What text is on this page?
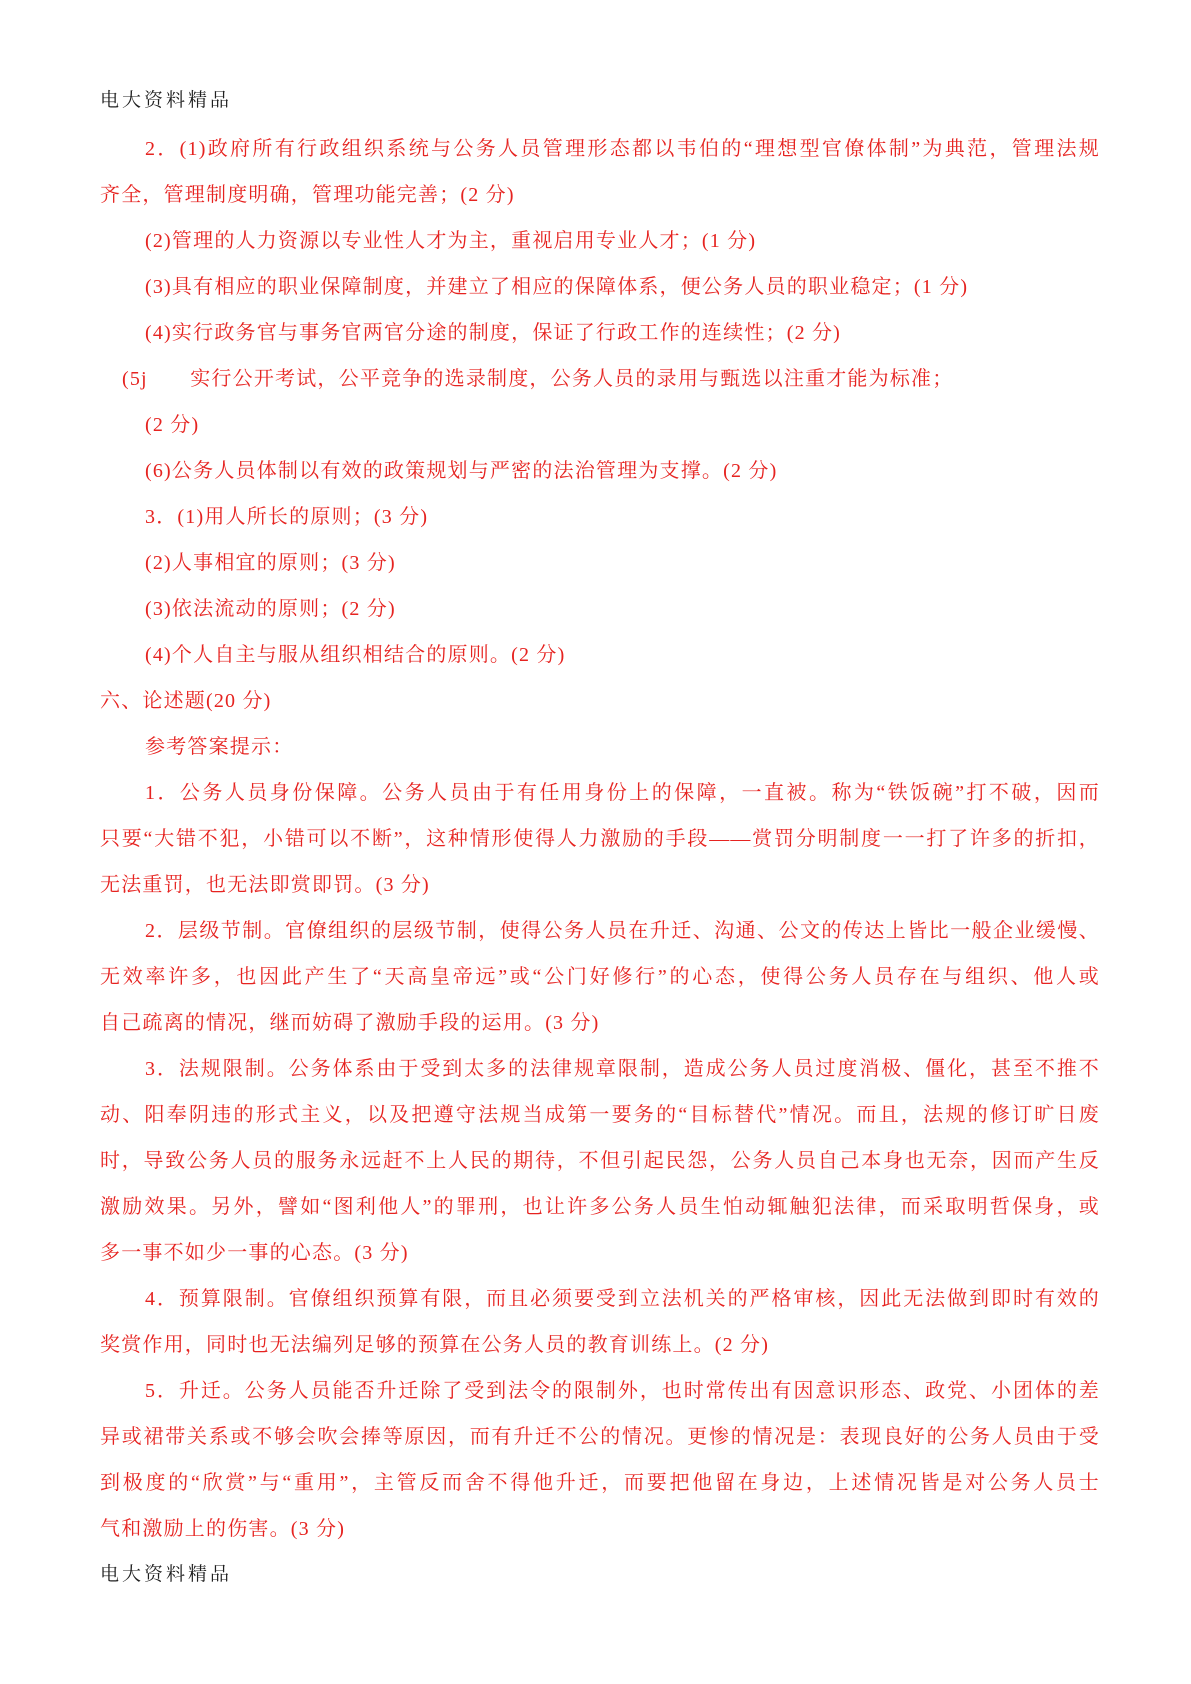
电大资料精品
2．(1)政府所有行政组织系统与公务人员管理形态都以韦伯的“理想型官僚体制”为典范，管理法规
齐全，管理制度明确，管理功能完善；(2 分)
(2)管理的人力资源以专业性人才为主，重视启用专业人才；(1 分)
(3)具有相应的职业保障制度，并建立了相应的保障体系，便公务人员的职业稳定；(1 分)
(4)实行政务官与事务官两官分途的制度，保证了行政工作的连续性；(2 分)
(5j　　实行公开考试，公平竞争的选录制度，公务人员的录用与甄选以注重才能为标准；
(2 分)
(6)公务人员体制以有效的政策规划与严密的法治管理为支撑。(2 分)
3．(1)用人所长的原则；(3 分)
(2)人事相宜的原则；(3 分)
(3)依法流动的原则；(2 分)
(4)个人自主与服从组织相结合的原则。(2 分)
六、论述题(20 分)
参考答案提示：
1．公务人员身份保障。公务人员由于有任用身份上的保障，一直被。称为“铁饭碗”打不破，因而
只要“大错不犯，小错可以不断”，这种情形使得人力激励的手段——赏罚分明制度一一打了许多的折扣，
无法重罚，也无法即赏即罚。(3 分)
2．层级节制。官僚组织的层级节制，使得公务人员在升迁、沟通、公文的传达上皆比一般企业缓慢、
无效率许多，也因此产生了“天高皇帝远”或“公门好修行”的心态，使得公务人员存在与组织、他人或
自己疏离的情况，继而妨碍了激励手段的运用。(3 分)
3．法规限制。公务体系由于受到太多的法律规章限制，造成公务人员过度消极、僵化，甚至不推不
动、阳奉阴违的形式主义，以及把遵守法规当成第一要务的“目标替代”情况。而且，法规的修订旷日废
时，导致公务人员的服务永远赶不上人民的期待，不但引起民怨，公务人员自己本身也无奈，因而产生反
激励效果。另外，譬如“图利他人”的罪刑，也让许多公务人员生怕动辄触犯法律，而采取明哲保身，或
多一事不如少一事的心态。(3 分)
4．预算限制。官僚组织预算有限，而且必须要受到立法机关的严格审核，因此无法做到即时有效的
奖赏作用，同时也无法编列足够的预算在公务人员的教育训练上。(2 分)
5．升迁。公务人员能否升迁除了受到法令的限制外，也时常传出有因意识形态、政党、小团体的差
异或裙带关系或不够会吹会捧等原因，而有升迁不公的情况。更惨的情况是：表现良好的公务人员由于受
到极度的“欣赏”与“重用”，主管反而舍不得他升迁，而要把他留在身边，上述情况皆是对公务人员士
气和激励上的伤害。(3 分)
电大资料精品
